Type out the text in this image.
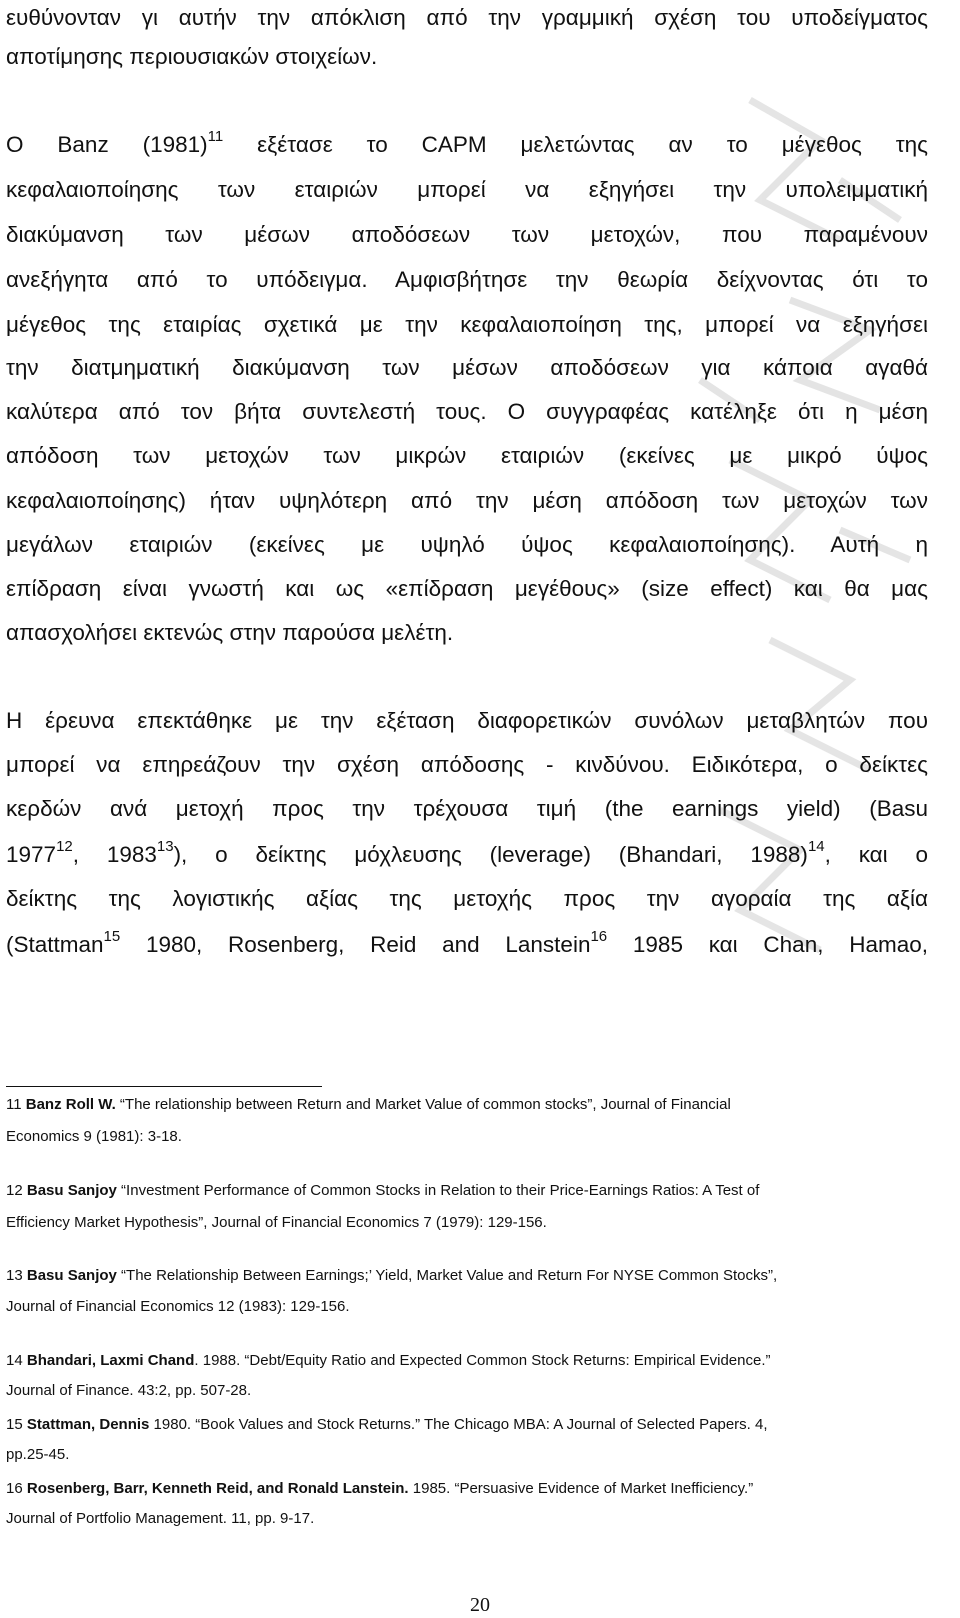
ευθύνονταν γι αυτήν την απόκλιση από την γραμμική σχέση του υποδείγματος
αποτίμησης περιουσιακών στοιχείων.
Ο Banz $(1981)^{11}$ εξέτασε το CAPM μελετώντας αν το μέγεθος της
κεφαλαιοποίησης των εταιριών μπορεί να εξηγήσει την υπολειμματική
διακύμανση των μέσων αποδόσεων των μετοχών, που παραμένουν
ανεξήγητα από το υπόδειγμα. Αμφισβήτησε την θεωρία δείχνοντας ότι το
μέγεθος της εταιρίας σχετικά με την κεφαλαιοποίηση της, μπορεί να εξηγήσει
την διατμηματική διακύμανση των μέσων αποδόσεων για κάποια αγαθά
καλύτερα από τον βήτα συντελεστή τους. Ο συγγραφέας κατέληξε ότι η μέση
απόδοση των μετοχών των μικρών εταιριών (εκείνες με μικρό ύψος
κεφαλαιοποίησης) ήταν υψηλότερη από την μέση απόδοση των μετοχών των
μεγάλων εταιριών (εκείνες με υψηλό ύψος κεφαλαιοποίησης). Αυτή η
επίδραση είναι γνωστή και ως «επίδραση μεγέθους» (size effect) και θα μας
απασχολήσει εκτενώς στην παρούσα μελέτη.
Η έρευνα επεκτάθηκε με την εξέταση διαφορετικών συνόλων μεταβλητών που
μπορεί να επηρεάζουν την σχέση απόδοσης - κινδύνου. Ειδικότερα, ο δείκτες
κερδών ανά μετοχή προς την τρέχουσα τιμή (the earnings yield) (Basu
1977$^{12}$, 1983$^{13}$), ο δείκτης μόχλευσης (leverage) (Bhandari, 1988)$^{14}$, και ο
δείκτης της λογιστικής αξίας της μετοχής προς την αγοραία της αξία
(Stattman$^{15}$ 1980, Rosenberg, Reid and Lanstein$^{16}$ 1985 και Chan, Hamao,
11 Banz Roll W. “The relationship between Return and Market Value of common stocks”, Journal of Financial
Economics 9 (1981): 3-18.
12 Basu Sanjoy “Investment Performance of Common Stocks in Relation to their Price-Earnings Ratios: A Test of
Efficiency Market Hypothesis”, Journal of Financial Economics 7 (1979): 129-156.
13 Basu Sanjoy “The Relationship Between Earnings;’ Yield, Market Value and Return For NYSE Common Stocks”,
Journal of Financial Economics 12 (1983): 129-156.
14 Bhandari, Laxmi Chand. 1988. “Debt/Equity Ratio and Expected Common Stock Returns: Empirical Evidence.”
Journal of Finance. 43:2, pp. 507-28.
15 Stattman, Dennis 1980. “Book Values and Stock Returns.” The Chicago MBA: A Journal of Selected Papers. 4,
pp.25-45.
16 Rosenberg, Barr, Kenneth Reid, and Ronald Lanstein. 1985. “Persuasive Evidence of Market Inefficiency.”
Journal of Portfolio Management. 11, pp. 9-17.
20
